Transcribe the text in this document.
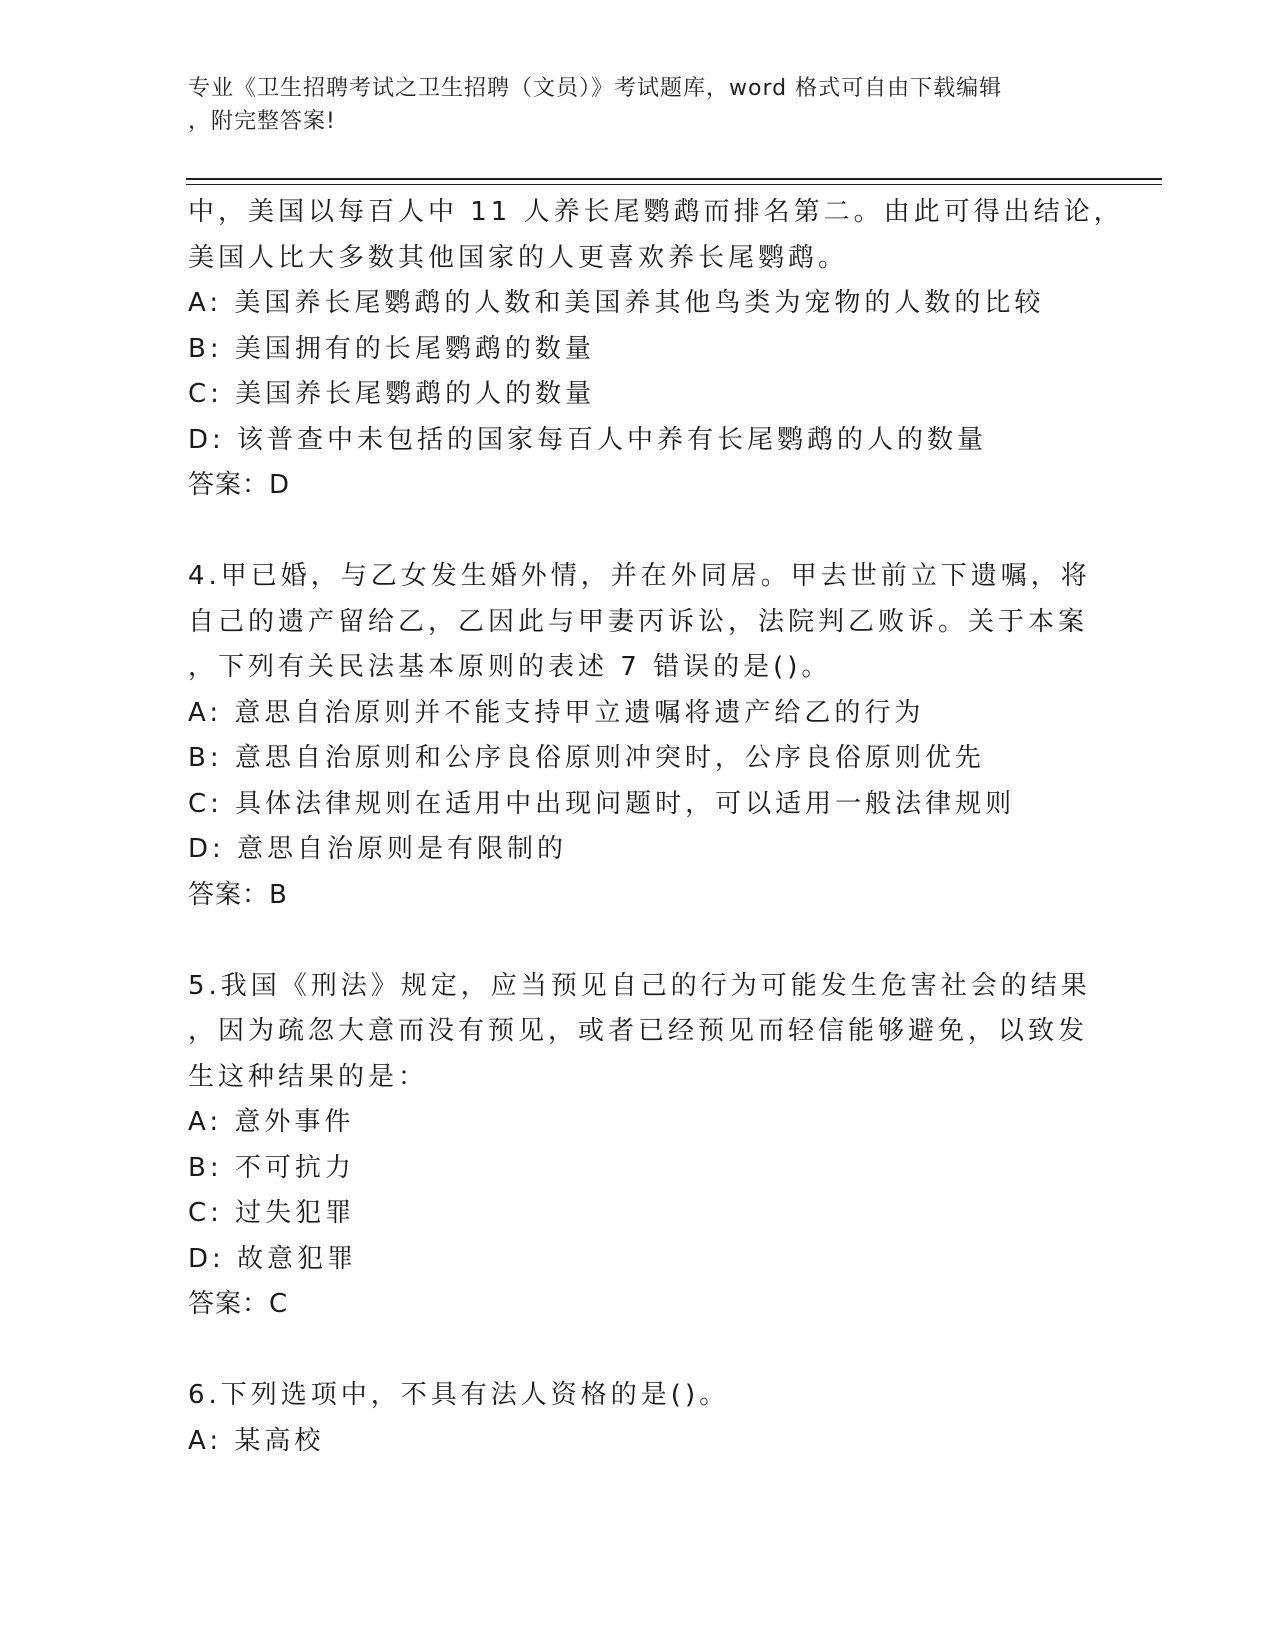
专业《卫生招聘考试之卫生招聘（文员）》考试题库，word 格式可自由下载编辑
，附完整答案!
中，美国以每百人中 11 人养长尾鹦鹉而排名第二。由此可得出结论，
美国人比大多数其他国家的人更喜欢养长尾鹦鹉。
A: 美国养长尾鹦鹉的人数和美国养其他鸟类为宠物的人数的比较
B: 美国拥有的长尾鹦鹉的数量
C: 美国养长尾鹦鹉的人的数量
D: 该普查中未包括的国家每百人中养有长尾鹦鹉的人的数量
答案：D
4.甲已婚，与乙女发生婚外情，并在外同居。甲去世前立下遗嘱，将
自己的遗产留给乙，乙因此与甲妻丙诉讼，法院判乙败诉。关于本案
，下列有关民法基本原则的表述 7 错误的是()。
A: 意思自治原则并不能支持甲立遗嘱将遗产给乙的行为
B: 意思自治原则和公序良俗原则冲突时，公序良俗原则优先
C: 具体法律规则在适用中出现问题时，可以适用一般法律规则
D: 意思自治原则是有限制的
答案：B
5.我国《刑法》规定，应当预见自己的行为可能发生危害社会的结果
，因为疏忽大意而没有预见，或者已经预见而轻信能够避免，以致发
生这种结果的是：
A: 意外事件
B: 不可抗力
C: 过失犯罪
D: 故意犯罪
答案：C
6.下列选项中，不具有法人资格的是()。
A: 某高校
